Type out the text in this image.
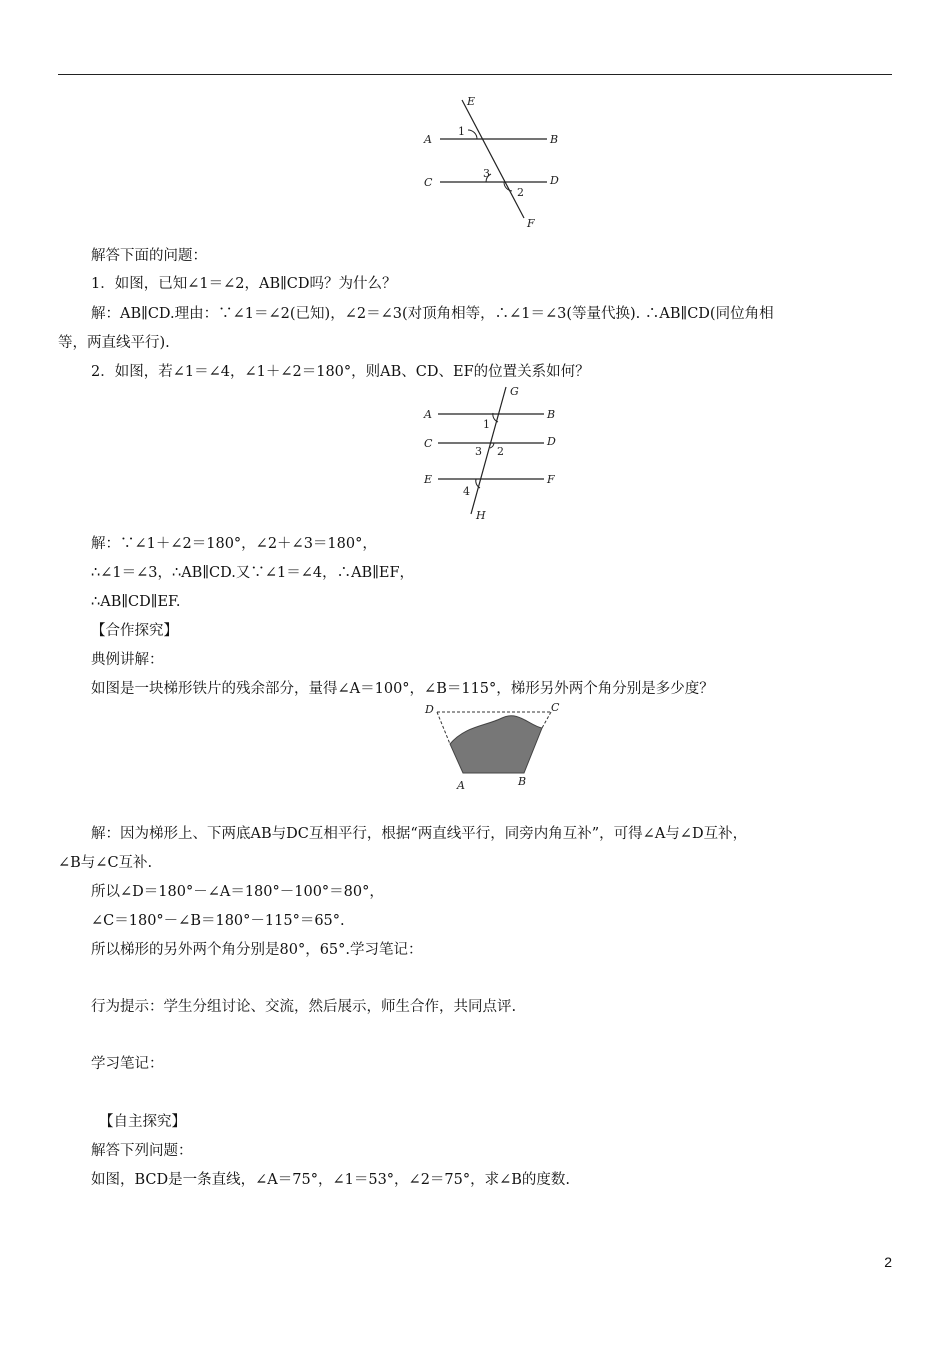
E
A	B
C	D
F
1
2
3
解答下面的问题：
1．如图，已知∠1＝∠2，AB∥CD吗？为什么？
解：AB∥CD.理由：∵∠1＝∠2(已知)，∠2＝∠3(对顶角相等，∴∠1＝∠3(等量代换). ∴AB∥CD(同位角相
等，两直线平行).
2．如图，若∠1＝∠4，∠1＋∠2＝180°，则AB、CD、EF的位置关系如何？
G
A	B
C	D
E	F
H
1
2
3
4
解：∵∠1＋∠2＝180°，∠2＋∠3＝180°，
∴∠1＝∠3，∴AB∥CD.又∵∠1＝∠4，∴AB∥EF，
∴AB∥CD∥EF.
【合作探究】
典例讲解：
如图是一块梯形铁片的残余部分，量得∠A＝100°，∠B＝115°，梯形另外两个角分别是多少度？
D	C
A	B
解：因为梯形上、下两底AB与DC互相平行，根据“两直线平行，同旁内角互补”，可得∠A与∠D互补，
∠B与∠C互补.
所以∠D＝180°－∠A＝180°－100°＝80°，
∠C＝180°－∠B＝180°－115°＝65°.
所以梯形的另外两个角分别是80°，65°.学习笔记：
行为提示：学生分组讨论、交流，然后展示，师生合作，共同点评.
学习笔记：
【自主探究】
解答下列问题：
如图，BCD是一条直线，∠A＝75°，∠1＝53°，∠2＝75°，求∠B的度数.
2
